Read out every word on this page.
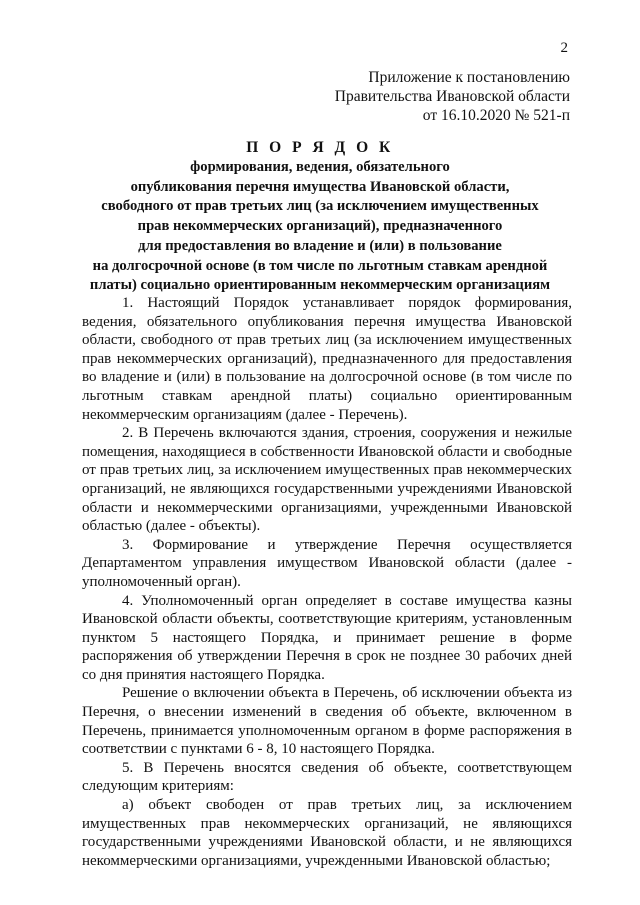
2
Приложение к постановлению
Правительства Ивановской области
от 16.10.2020 № 521-п
П О Р Я Д О К
формирования, ведения, обязательного
опубликования перечня имущества Ивановской области,
свободного от прав третьих лиц (за исключением имущественных
прав некоммерческих организаций), предназначенного
для предоставления во владение и (или) в пользование
на долгосрочной основе (в том числе по льготным ставкам арендной
платы) социально ориентированным некоммерческим организациям

1. Настоящий Порядок устанавливает порядок формирования, ведения, обязательного опубликования перечня имущества Ивановской области, свободного от прав третьих лиц (за исключением имущественных прав некоммерческих организаций), предназначенного для предоставления во владение и (или) в пользование на долгосрочной основе (в том числе по льготным ставкам арендной платы) социально ориентированным некоммерческим организациям (далее - Перечень).

2. В Перечень включаются здания, строения, сооружения и нежилые помещения, находящиеся в собственности Ивановской области и свободные от прав третьих лиц, за исключением имущественных прав некоммерческих организаций, не являющихся государственными учреждениями Ивановской области и некоммерческими организациями, учрежденными Ивановской областью (далее - объекты).

3. Формирование и утверждение Перечня осуществляется Департаментом управления имуществом Ивановской области (далее - уполномоченный орган).

4. Уполномоченный орган определяет в составе имущества казны Ивановской области объекты, соответствующие критериям, установленным пунктом 5 настоящего Порядка, и принимает решение в форме распоряжения об утверждении Перечня в срок не позднее 30 рабочих дней со дня принятия настоящего Порядка.

Решение о включении объекта в Перечень, об исключении объекта из Перечня, о внесении изменений в сведения об объекте, включенном в Перечень, принимается уполномоченным органом в форме распоряжения в соответствии с пунктами 6 - 8, 10 настоящего Порядка.

5. В Перечень вносятся сведения об объекте, соответствующем следующим критериям:

а) объект свободен от прав третьих лиц, за исключением имущественных прав некоммерческих организаций, не являющихся государственными учреждениями Ивановской области, и не являющихся некоммерческими организациями, учрежденными Ивановской областью;
